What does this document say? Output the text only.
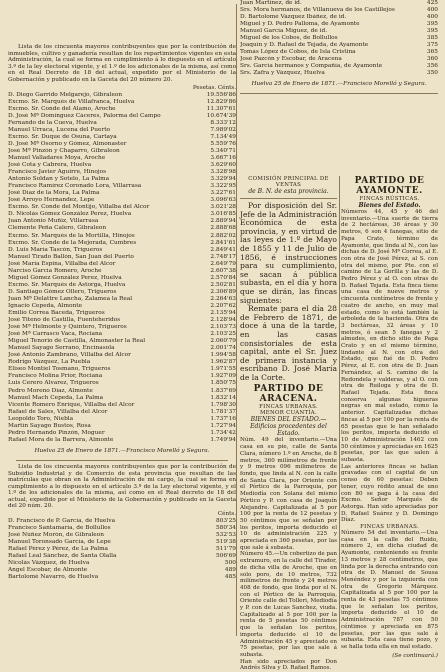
Lista de los cincuenta mayores contribuyentes que por la contribución de inmuebles, cultivo y ganadería resultan de los repartimientos vigentes en esta Administración, la cual se forma en cumplimiento á lo dispuesto en el artículo 3.º de la ley electoral vigente, y el 1.º de los adicionales de la misma, así como en el Real Decreto de 18 del actual, expedido por el Ministerio de la Gobernación y publicado en la Gaceta del 20 número 20.

Pesetas. Cénts.
D. Diego Garrido Melgarejo, Gibraleon	19.556'86
Excmo. Sr. Marqués de Villafranca, Huelva	12.829'86
Excmo. Sr. Conde del Alamo, Aroche	11.307'61
D. José Mª Domínguez Cáceres, Palorma del Campo	10.674'39
Fernando de la Cueva, Huelva	8.333'12
Manuel Urraca, Lucena del Puerto	7.989'02
Excmo. Sr. Duque de Osuna, Cartaya	7.134'49
D. José Mª Osorno y Gómez, Almonaster	5.559'76
José Mª Pinzón y Chaparro, Gibraleon	5.340'71
Manuel Valladares Moya, Aroche	3.667'16
José Cota y Cabrera, Huelva	3.629'60
Francisco Javier Aguirre, Hinojos	3.328'98
Antonio Soldan y Sotelo, La Palma	3.329'94
Francisco Ramírez Coronado Lora, Villarrasa	3.322'95
José Díaz de la Mora, La Palma	3.227'61
José Arroyo Hernandez, Lepe	3.096'63
Excmo. Sr. Conde del Montijo, Villalba del Alcor	3.021'28
D. Nicolás Gómez González Perez, Huelva	3.016'85
Juan Antonio Muñiz, Villarrasa	2.889'94
Clemente Peña Calero, Gibraleon	2.888'68
Excmo. Sr. Marqués de la Mortilla, Hinojos	2.882'02
Excmo. Sr. Conde de la Mejorada, Cumbres	2.841'61
D. Luis María Tascón, Trigueros	2.849'41
Manuel Tirado Ballón, San Juan del Puerto	2.748'17
José María Espina, Villalba del Alcor	2.649'79
Narciso García Romero, Aroche	2.607'38
Miguel Gómez González Perez, Huelva	2.570'84
Excmo. Sr. Marqués de Astorga, Huelva	2.502'81
D. Santiago Gómez Ollero, Trigueros	2.306'89
Juan Mª Delattre Lancha, Zalamea la Real	2.264'63
Ignacio Cepeda, Almonte	2.207'62
Emilio Correa Baceda, Trigueros	2.135'94
José Titeno de Castilla, Fuenteheridos	2.128'94
José Mª Helmonte y Quintero, Trigueros	2.103'73
José Mª Carrasco Vaca, Rociana	2.103'25
Miguel Tenorio de Castilla, Almonaster la Real	2.060'79
Manuel Sayago Serrano, Encinasola	2.001'74
José Antonio Zambrano, Villalba del Alcor	1.994'58
Rodrigo Vázquez, La Puebla	1.962'87
Eliseo Montiel Tosmano, Trigueros	1.971'55
Francisco Molina Prior, Rociana	1.927'09
Luis Cerero Alvarez, Trigueros	1.850'75
Pedro Moreno Díaz, Almonte	1.837'69
Manuel Mach Cepeda, La Palma	1.832'14
Vicente Romero Enrique, Villalba del Alcor	1.798'30
Rafael de Sales, Villalba del Alcor	1.781'37
Leopoldo Toro, Niebla	1.737'16
Martín Sayago Bustos, Rosa	1.727'94
Pedro Hernando Pinzón, Moguer	1.734'42
Rafael Mora de la Barrera, Almonte	1.749'94
Huelva 25 de Enero de 1871.—Francisco Morelló y Segura.

Lista de los cincuenta mayores contribuyentes que por la contribución de Subsidio Industrial y de Comercio de esta provincia que resultan de las matrículas que obran en la Administración de mi cargo, la cual se forma en cumplimiento a lo dispuesto en el artículo 3.º de la Ley electoral vigente, y el 1.º de los adicionales de la misma, así como en el Real decreto de 18 del actual, expedido por el Ministerio de la Gobernación y publicado en la Gaceta del 20 núm. 20.

Cénts.
D. Francisco de P. García, de Huelva	803'25
Francisco Santamaría, de Bollullos	580'34
José Núñez Morón, de Gibraleon	532'53
Manuel Toronsado García, de Lepe	519'38
Rafael Pérez y Pérez, de La Palma	511'79
Rafael Leal Sánchez, de Santa Olalla	506'69
Nicolás Vázquez, de Huelva	500
Angel Escobar, de Almonte	489
Bartolomé Navarro, de Huelva	485
Juan Martínez, de id.	425
Srs. Mora hermanos, de Villanueva de los Castillejos	400
D. Bartolomé Vázquez Ibáñez, de id.	400
Miguel y D. Pedro Palloma, de Ayamonte	395
Manuel García Míguez, de id.	395
Miguel de los Cobos, de Bollullos	385
Joaquín y D. Rafael de Tejada, de Ayamonte	375
Tomás López de Cobos, de Isla Cristina	365
José Pazcón y Escobar, de Aracena	360
Srs. García hermanos y Compañía, de Ayamonte	356
Srs. Zafra y Vázquez, Huelva	350
Huelva 25 de Enero de 1871.—Francisco Morelló y Segura.
COMISIÓN PRINCIPAL DE VENTAS
de B. N. de esta provincia.

Por disposición del Sr. Jefe de la Administración Económica de esta provincia, y en virtud de las leyes de 1.º de Mayo de 1855 y 11 de Julio de 1856, é instrucciones para su cumplimiento, se sacan á pública subasta, en el día y hora que se dirán, las fincas siguientes:

Remate para el día 28 de Febrero de 1871, de doce á una de la tarde, en las casas consistoriales de esta capital, ante el Sr. Juez de primera instancia y escribano D. José María de la Corte.

PARTIDO DE ARACENA.
FINCAS URBANAS.
MENOR CUANTÍA.
BIENES DEL ESTADO.—Edificios procedentes del Estado.

Núm. 49 del inventario.—Una casa en su pie, calle de Santa Clara, número 1.º en Aroche, de 8 metros, 360 milímetros de frente y 9 metros 096 milímetros de fondo, que linda al N. con la calle de Santa Clara, por Oriente con el Pórtico de la Parroquia, por Mediodía con Solana del mismo Pórtico y P. con casa de Joaquín Alejandre. Capitalizada al 5 por 100 por la renta de 12 pesetas y 50 céntimos que se señalan por los peritos, importa deducido el 10 de administración 225 y apreciada en 360 pesetas, por las que sale á subasta.

Número 45.—Un cobertizo de pan extramuro, en la calle del Tirador, de dicha villa de Aroche, que en solo poro, de 10 metros, 732 milímetros de frente y 24 metros 408 de fondo, que linda por el N. con el Pórtico de la Parroquia, Oriente calle del Tolleri, Mediodía y P. con de Lucas Sanchez, viuda. Capitalizado al 5 por 100 por la renta de 5 pesetas 50 céntimos que la señalan los peritos, importa deducido el 10 de Administración 45 y apreciado en 75 pesetas, por las que sale á subasta.

Han sido apreciados por Don Andrés Silva y D. Rafael Ramos.

PARTIDO DE AYAMONTE.
FINCAS RÚSTICAS.
Bienes del Estado.

Números 44, 45 y 46 del inventario.—Una suerte de tierra de 2 hectáreas, 36 áreas y 30 metros, 6 son 4 fanegas, sitio de Papa Crato, término de Ayamonte, que linda al N., con las dichas de D. José Mª Correa, al E. con otra de José Pérez, al S. con otra del mismo, por Pte. con el camino de La Gorilla y las de D. Pedro Pérez y al O. con otras de D. Rafael Tejada. Esta finca tiene una casa de nueve metros y cincuenta centímetros de frente y cuatro de ancho, en muy mal estado, como lo está también la arboleda de la hacienda. Otra de 3 hectáreas, 32 áreas y 10 metros, ó sean 5 fanegas y 2 almudes, en dicho sitio de Papa Crato y en el mismo término, lindante al N. con otra del Estado, que fué de D. Pedro Pérez, al E. con otra de D. Juan Fernández, al S. camino de la Redondela y valderas, y al O. con otra de Ruiloga y otra de D. Rafael Tejada. Esta finca conserva algunas higueras negras en mal estado, como la anterior. Capitalizadas dichas fincas al 5 por 100 por la renta de 65 pesetas que le han señalado los peritos, importa deducido el 10 de Administración 1462 con 50 céntimos y apreciadas en 1625 pesetas, por las que salen á subasta.

Las anteriores fincas se hallan gravadas con el capital de un censo de 60 pesetas: Deben tener, cuyo rédito anual de uno con 80 se paga á la casa del Excmo. Señor Marqués de Astorga. Han sido apreciadas por D. Rafael Suárez y D. Domingo Díaz.

FINCAS URBANAS.

Número 54 del inventario.—Una casa en la calle del Ruido, número 2, en dicha ciudad de Ayamonte, conteniendo su frente 13 metros y 28 centímetros, que linda por la derecha entrando con otra de D. Manuel de Sousa Menéndez y por la izquierda con otra de Gregorio Márquez. Capitalizada al 5 por 100 por la renta de 43 pesetas 75 céntimos que le señalan los peritos, importa deducido el 10 de Administración 787 con 50 céntimos y apreciada en 875 pesetas, por las que sale á subasta. Esta casa tiene pozo, y se halla toda ella en mal estado.

(Se continuará.)
